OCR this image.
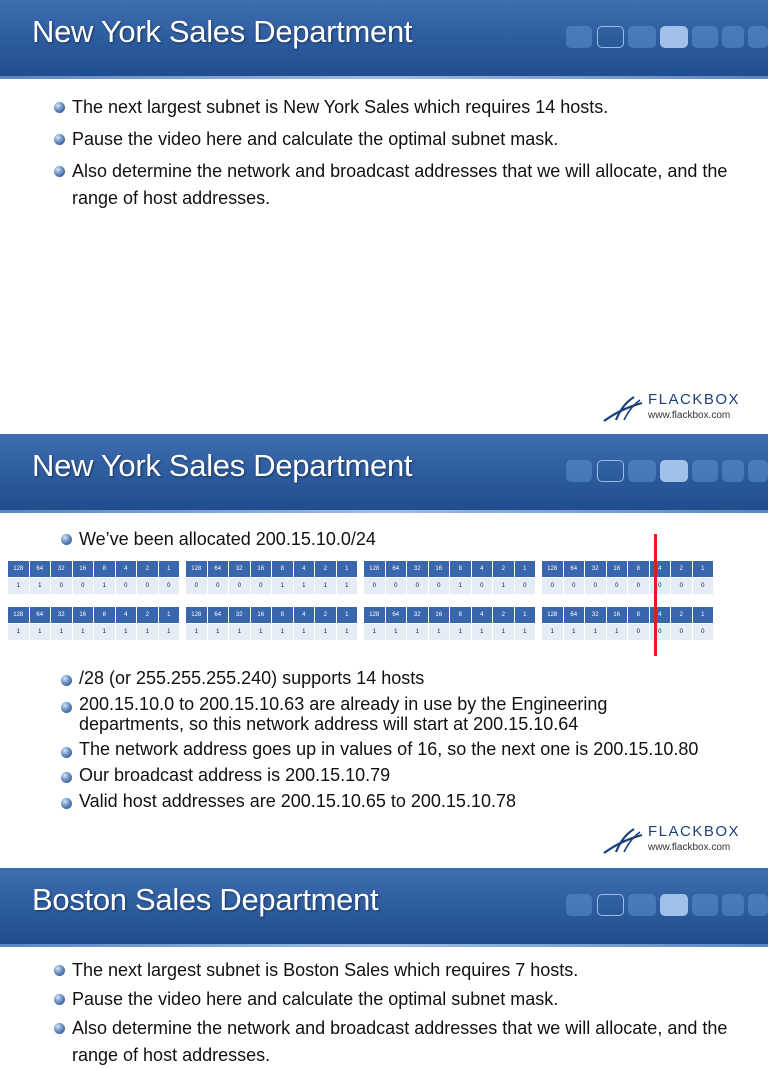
New York Sales Department
The next largest subnet is New York Sales which requires 14 hosts.
Pause the video here and calculate the optimal subnet mask.
Also determine the network and broadcast addresses that we will allocate, and the range of host addresses.
FLACKBOX
www.flackbox.com
New York Sales Department
We’ve been allocated 200.15.10.0/24
128	64	32	16	8	4	2	1	128	64	32	16	8	4	2	1	128	64	32	16	8	4	2	1	128	64	32	16	8	4	2	1
1	1	0	0	1	0	0	0	0	0	0	0	1	1	1	1	0	0	0	0	1	0	1	0	0	0	0	0	0	0	0	0
128	64	32	16	8	4	2	1	128	64	32	16	8	4	2	1	128	64	32	16	8	4	2	1	128	64	32	16	8	4	2	1
1	1	1	1	1	1	1	1	1	1	1	1	1	1	1	1	1	1	1	1	1	1	1	1	1	1	1	1	0	0	0	0
/28 (or 255.255.255.240) supports 14 hosts
200.15.10.0 to 200.15.10.63 are already in use by the Engineering departments, so this network address will start at 200.15.10.64
The network address goes up in values of 16, so the next one is 200.15.10.80
Our broadcast address is 200.15.10.79
Valid host addresses are 200.15.10.65 to 200.15.10.78
FLACKBOX
www.flackbox.com
Boston Sales Department
The next largest subnet is Boston Sales which requires 7 hosts.
Pause the video here and calculate the optimal subnet mask.
Also determine the network and broadcast addresses that we will allocate, and the range of host addresses.
